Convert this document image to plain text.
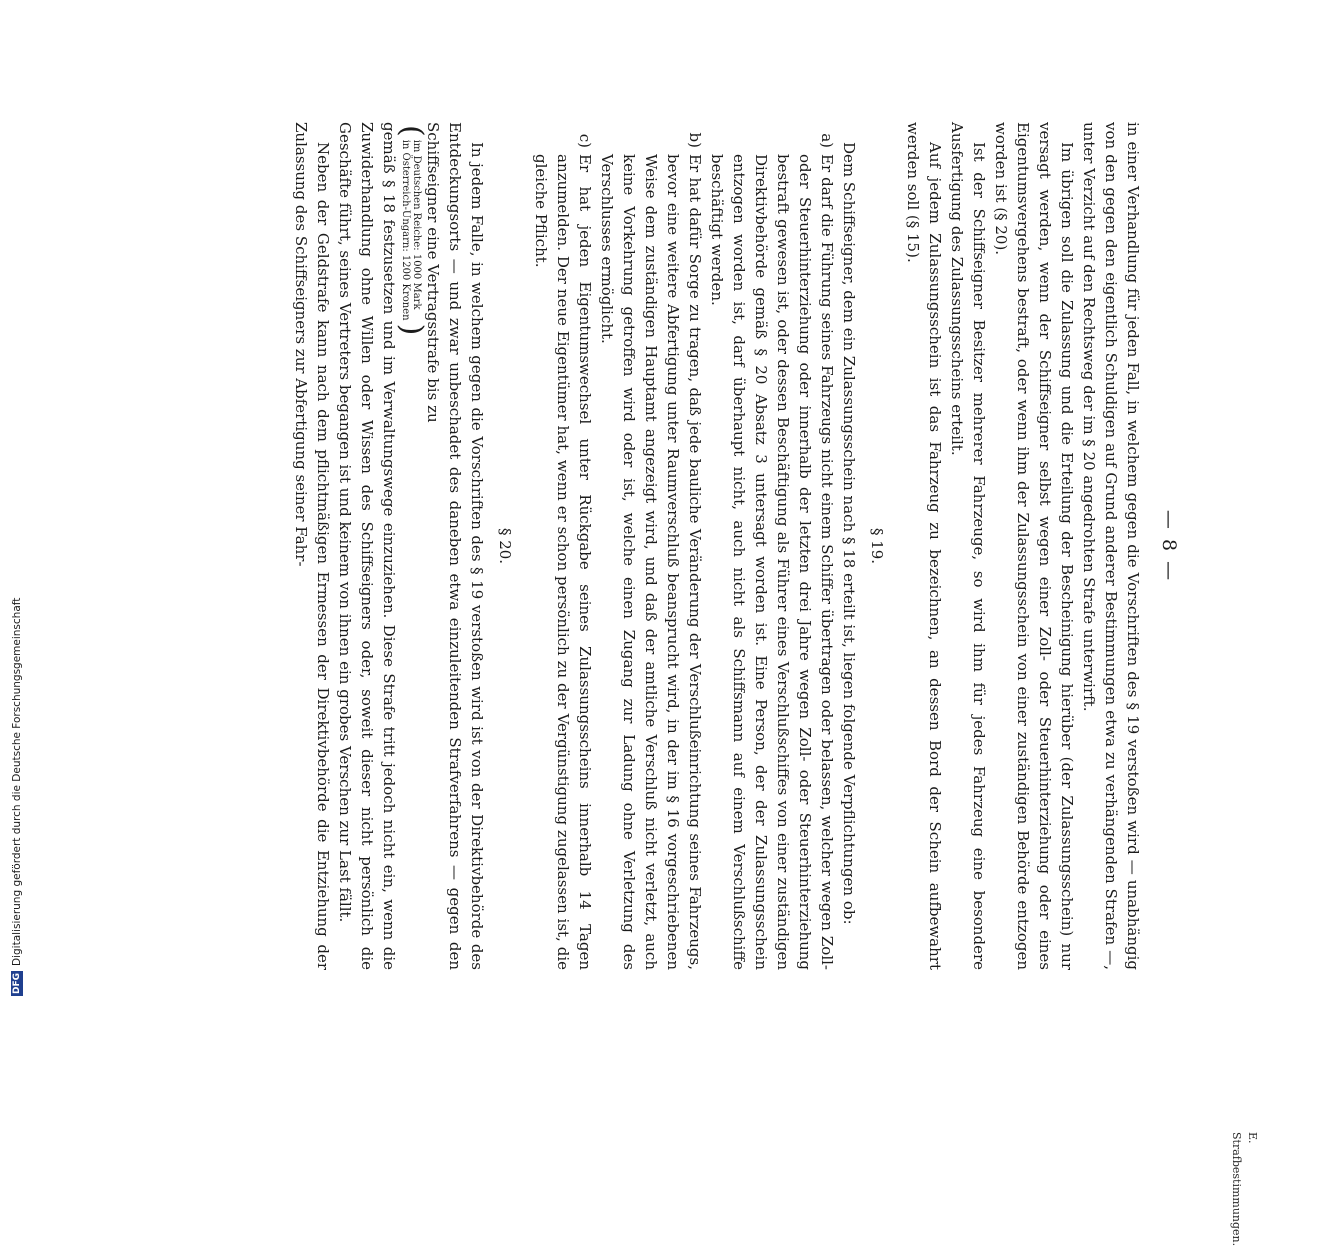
DFG
Digitalisierung gefördert durch die Deutsche Forschungsgemeinschaft
— 8 —

in einer Verhandlung für jeden Fall, in welchem gegen die Vorschriften des § 19 verstoßen wird — unabhängig von den gegen den eigentlich Schuldigen auf Grund anderer Bestimmungen etwa zu verhängenden Strafen —, unter Verzicht auf den Rechtsweg der im § 20 angedrohten Strafe unterwirft.

Im übrigen soll die Zulassung und die Erteilung der Bescheinigung hierüber (der Zulassungsschein) nur versagt werden, wenn der Schiffseigner selbst wegen einer Zoll- oder Steuerhinterziehung oder eines Eigentumsvergehens bestraft, oder wenn ihm der Zulassungsschein von einer zuständigen Behörde entzogen worden ist (§ 20).

Ist der Schiffseigner Besitzer mehrerer Fahrzeuge, so wird ihm für jedes Fahrzeug eine besondere Ausfertigung des Zulassungsscheins erteilt.

Auf jedem Zulassungsschein ist das Fahrzeug zu bezeichnen, an dessen Bord der Schein aufbewahrt werden soll (§ 15).

§ 19.

Dem Schiffseigner, dem ein Zulassungsschein nach § 18 erteilt ist, liegen folgende Verpflichtungen ob:

a)
Er darf die Führung seines Fahrzeugs nicht einem Schiffer übertragen oder belassen, welcher wegen Zoll- oder Steuerhinterziehung oder innerhalb der letzten drei Jahre wegen Zoll- oder Steuerhinterziehung bestraft gewesen ist, oder dessen Beschäftigung als Führer eines Verschlußschiffes von einer zuständigen Direktivbehörde gemäß § 20 Absatz 3 untersagt worden ist. Eine Person, der der Zulassungsschein entzogen worden ist, darf überhaupt nicht, auch nicht als Schiffsmann auf einem Verschlußschiffe beschäftigt werden.
b)
Er hat dafür Sorge zu tragen, daß jede bauliche Veränderung der Verschlußeinrichtung seines Fahrzeugs, bevor eine weitere Abfertigung unter Raumverschluß beansprucht wird, in der im § 16 vorgeschriebenen Weise dem zuständigen Hauptamt angezeigt wird, und daß der amtliche Verschluß nicht verletzt, auch keine Vorkehrung getroffen wird oder ist, welche einen Zugang zur Ladung ohne Verletzung des Verschlusses ermöglicht.
c)
Er hat jeden Eigentumswechsel unter Rückgabe seines Zulassungsscheins innerhalb 14 Tagen anzumelden. Der neue Eigentümer hat, wenn er schon persönlich zu der Vergünstigung zugelassen ist, die gleiche Pflicht.
§ 20.

In jedem Falle, in welchem gegen die Vorschriften des § 19 verstoßen wird ist von der Direktivbehörde des Entdeckungsorts — und zwar unbeschadet des daneben etwa einzuleitenden Strafverfahrens — gegen den Schiffseigner eine Vertragsstrafe bis zu

(
im Deutschen Reiche: 1000 Mark
in Österreich-Ungarn: 1200 Kronen
)

gemäß § 18 festzusetzen und im Verwaltungswege einzuziehen. Diese Strafe tritt jedoch nicht ein, wenn die Zuwiderhandlung ohne Willen oder Wissen des Schiffseigners oder, soweit dieser nicht persönlich die Geschäfte führt, seines Vertreters begangen ist und keinem von ihnen ein grobes Verschen zur Last fällt.

Neben der Geldstrafe kann nach dem pflichtmäßigen Ermessen der Direktivbehörde die Entziehung der Zulassung des Schiffseigners zur Abfertigung seiner Fahr-

E. Strafbestimmungen.
